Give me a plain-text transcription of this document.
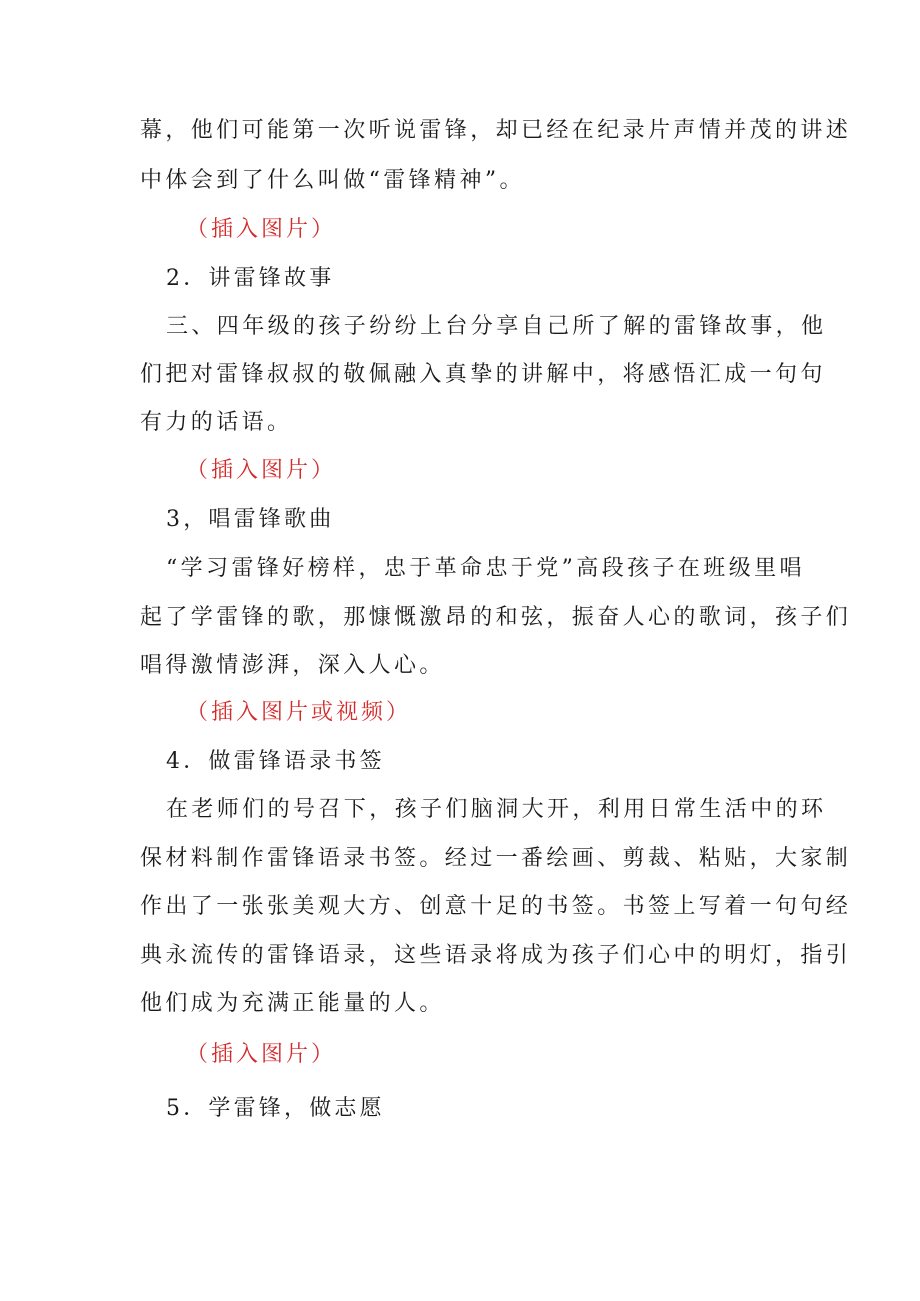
幕，他们可能第一次听说雷锋，却已经在纪录片声情并茂的讲述
中体会到了什么叫做“雷锋精神”。
（插入图片）
2．讲雷锋故事
三、四年级的孩子纷纷上台分享自己所了解的雷锋故事，他
们把对雷锋叔叔的敬佩融入真挚的讲解中，将感悟汇成一句句
有力的话语。
（插入图片）
3，唱雷锋歌曲
“学习雷锋好榜样，忠于革命忠于党”高段孩子在班级里唱
起了学雷锋的歌，那慷慨激昂的和弦，振奋人心的歌词，孩子们
唱得激情澎湃，深入人心。
（插入图片或视频）
4．做雷锋语录书签
在老师们的号召下，孩子们脑洞大开，利用日常生活中的环
保材料制作雷锋语录书签。经过一番绘画、剪裁、粘贴，大家制
作出了一张张美观大方、创意十足的书签。书签上写着一句句经
典永流传的雷锋语录，这些语录将成为孩子们心中的明灯，指引
他们成为充满正能量的人。
（插入图片）
5．学雷锋，做志愿
